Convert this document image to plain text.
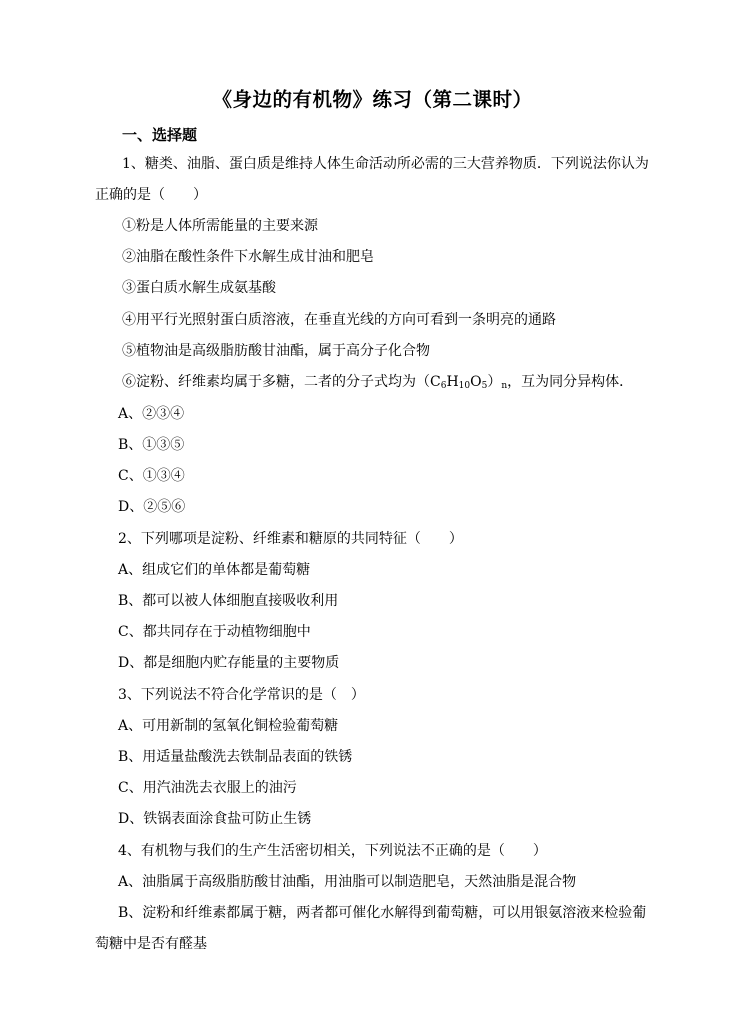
《身边的有机物》练习（第二课时）
一、选择题
1、糖类、油脂、蛋白质是维持人体生命活动所必需的三大营养物质．下列说法你认为
正确的是（　　）
①粉是人体所需能量的主要来源
②油脂在酸性条件下水解生成甘油和肥皂
③蛋白质水解生成氨基酸
④用平行光照射蛋白质溶液，在垂直光线的方向可看到一条明亮的通路
⑤植物油是高级脂肪酸甘油酯，属于高分子化合物
⑥淀粉、纤维素均属于多糖，二者的分子式均为$(C_6H_{10}O_5)_n$，互为同分异构体．
A、②③④
B、①③⑤
C、①③④
D、②⑤⑥
2、下列哪项是淀粉、纤维素和糖原的共同特征（　　）
A、组成它们的单体都是葡萄糖
B、都可以被人体细胞直接吸收利用
C、都共同存在于动植物细胞中
D、都是细胞内贮存能量的主要物质
3、下列说法不符合化学常识的是（　）
A、可用新制的氢氧化铜检验葡萄糖
B、用适量盐酸洗去铁制品表面的铁锈
C、用汽油洗去衣服上的油污
D、铁锅表面涂食盐可防止生锈
4、有机物与我们的生产生活密切相关，下列说法不正确的是（　　）
A、油脂属于高级脂肪酸甘油酯，用油脂可以制造肥皂，天然油脂是混合物
B、淀粉和纤维素都属于糖，两者都可催化水解得到葡萄糖，可以用银氨溶液来检验葡
萄糖中是否有醛基
